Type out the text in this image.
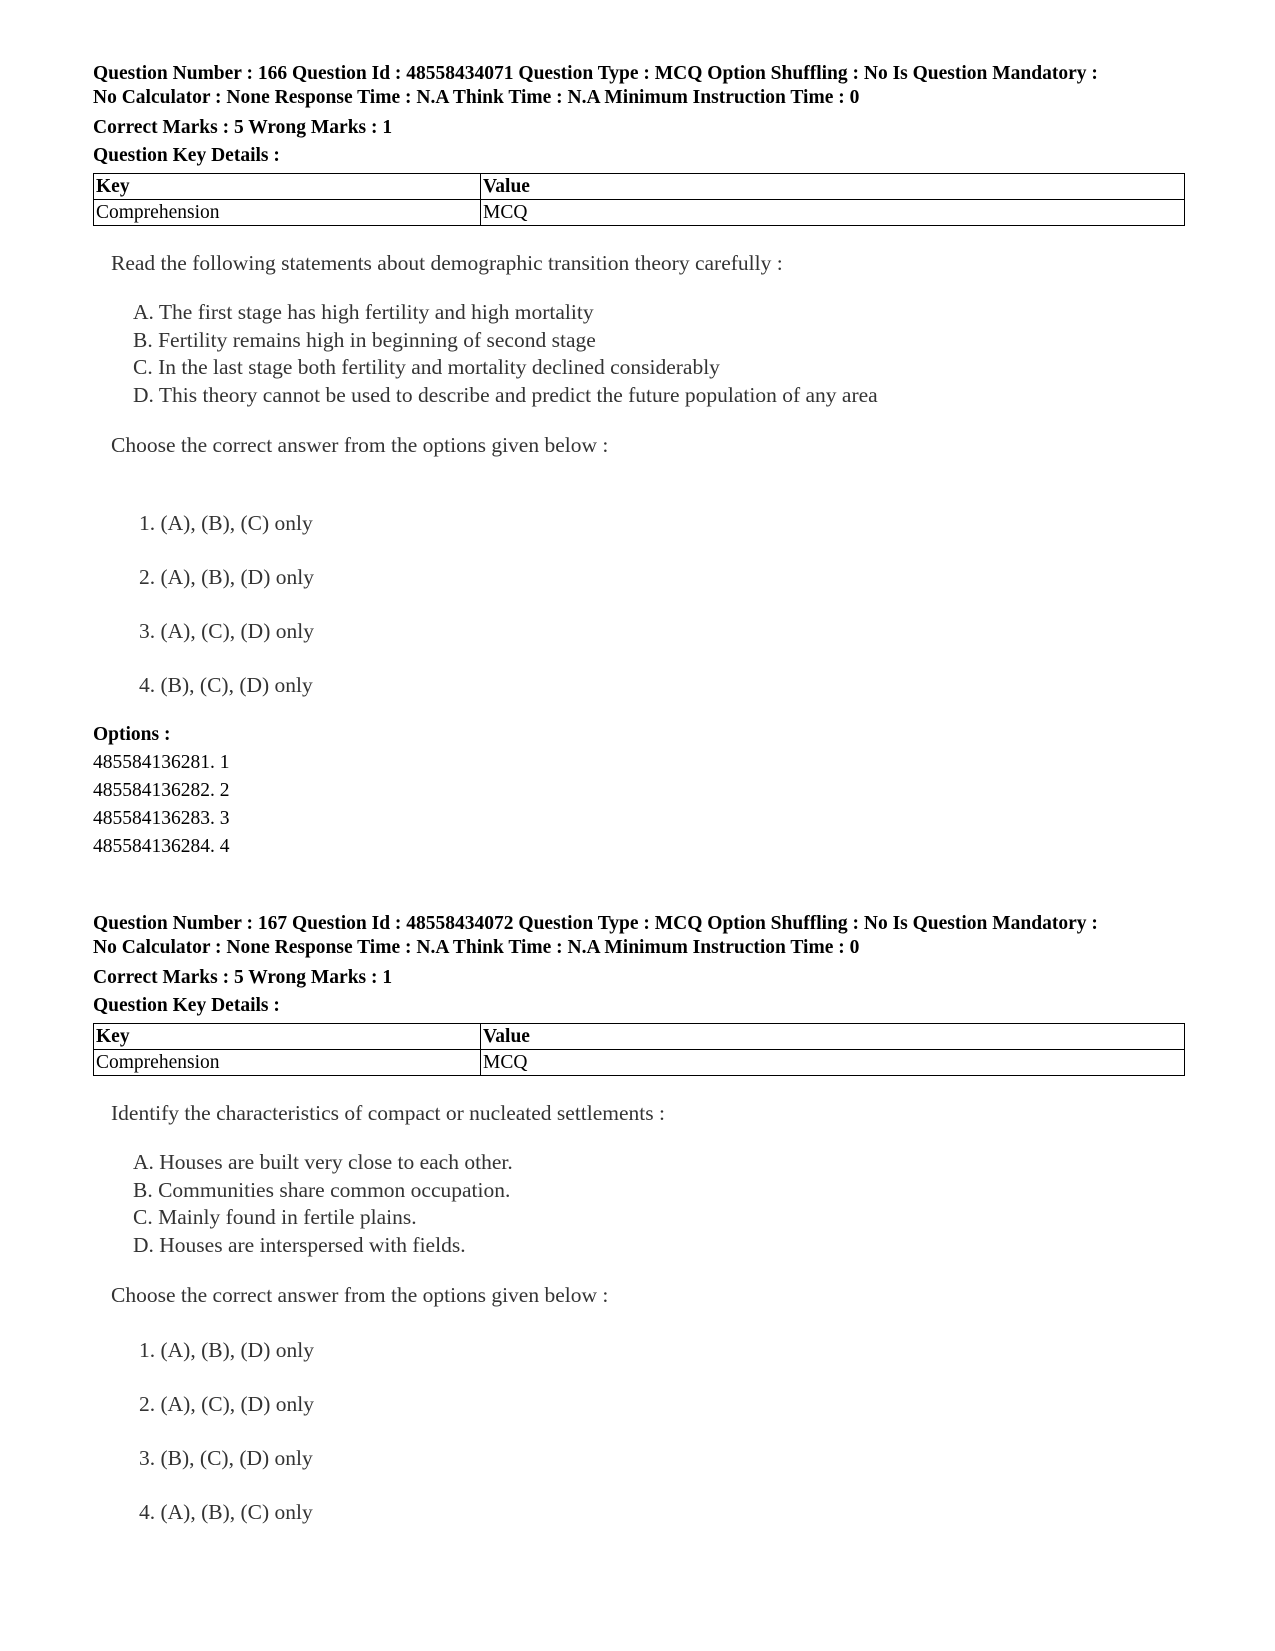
Question Number : 166 Question Id : 48558434071 Question Type : MCQ Option Shuffling : No Is Question Mandatory :

No Calculator : None Response Time : N.A Think Time : N.A Minimum Instruction Time : 0

Correct Marks : 5 Wrong Marks : 1

Question Key Details :

Key	Value
Comprehension	MCQ

Read the following statements about demographic transition theory carefully :

A. The first stage has high fertility and high mortality
B. Fertility remains high in beginning of second stage
C. In the last stage both fertility and mortality declined considerably
D. This theory cannot be used to describe and predict the future population of any area

Choose the correct answer from the options given below :

1. (A), (B), (C) only
2. (A), (B), (D) only
3. (A), (C), (D) only
4. (B), (C), (D) only

Options :

485584136281. 1
485584136282. 2
485584136283. 3
485584136284. 4

Question Number : 167 Question Id : 48558434072 Question Type : MCQ Option Shuffling : No Is Question Mandatory :

No Calculator : None Response Time : N.A Think Time : N.A Minimum Instruction Time : 0

Correct Marks : 5 Wrong Marks : 1

Question Key Details :

Key	Value
Comprehension	MCQ

Identify the characteristics of compact or nucleated settlements :

A. Houses are built very close to each other.
B. Communities share common occupation.
C. Mainly found in fertile plains.
D. Houses are interspersed with fields.

Choose the correct answer from the options given below :

1. (A), (B), (D) only
2. (A), (C), (D) only
3. (B), (C), (D) only
4. (A), (B), (C) only
